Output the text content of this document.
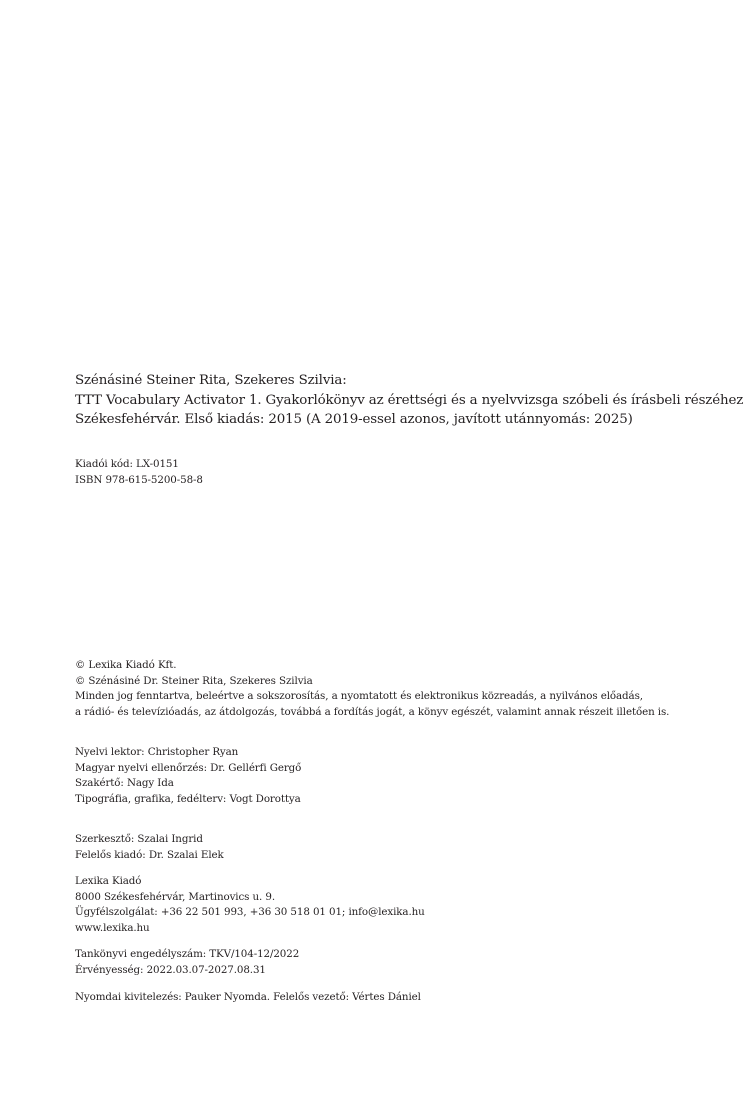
Szénásiné Steiner Rita, Szekeres Szilvia:
TTT Vocabulary Activator 1. Gyakorlókönyv az érettségi és a nyelvvizsga szóbeli és írásbeli részéhez
Székesfehérvár. Első kiadás: 2015 (A 2019-essel azonos, javított utánnyomás: 2025)
Kiadói kód: LX-0151
ISBN 978-615-5200-58-8
© Lexika Kiadó Kft.
© Szénásiné Dr. Steiner Rita, Szekeres Szilvia
Minden jog fenntartva, beleértve a sokszorosítás, a nyomtatott és elektronikus közreadás, a nyilvános előadás,
a rádió- és televízióadás, az átdolgozás, továbbá a fordítás jogát, a könyv egészét, valamint annak részeit illetően is.
Nyelvi lektor: Christopher Ryan
Magyar nyelvi ellenőrzés: Dr. Gellérfi Gergő
Szakértő: Nagy Ida
Tipográfia, grafika, fedélterv: Vogt Dorottya
Szerkesztő: Szalai Ingrid
Felelős kiadó: Dr. Szalai Elek
Lexika Kiadó
8000 Székesfehérvár, Martinovics u. 9.
Ügyfélszolgálat: +36 22 501 993, +36 30 518 01 01; info@lexika.hu
www.lexika.hu
Tankönyvi engedélyszám: TKV/104-12/2022
Érvényesség: 2022.03.07-2027.08.31
Nyomdai kivitelezés: Pauker Nyomda. Felelős vezető: Vértes Dániel
